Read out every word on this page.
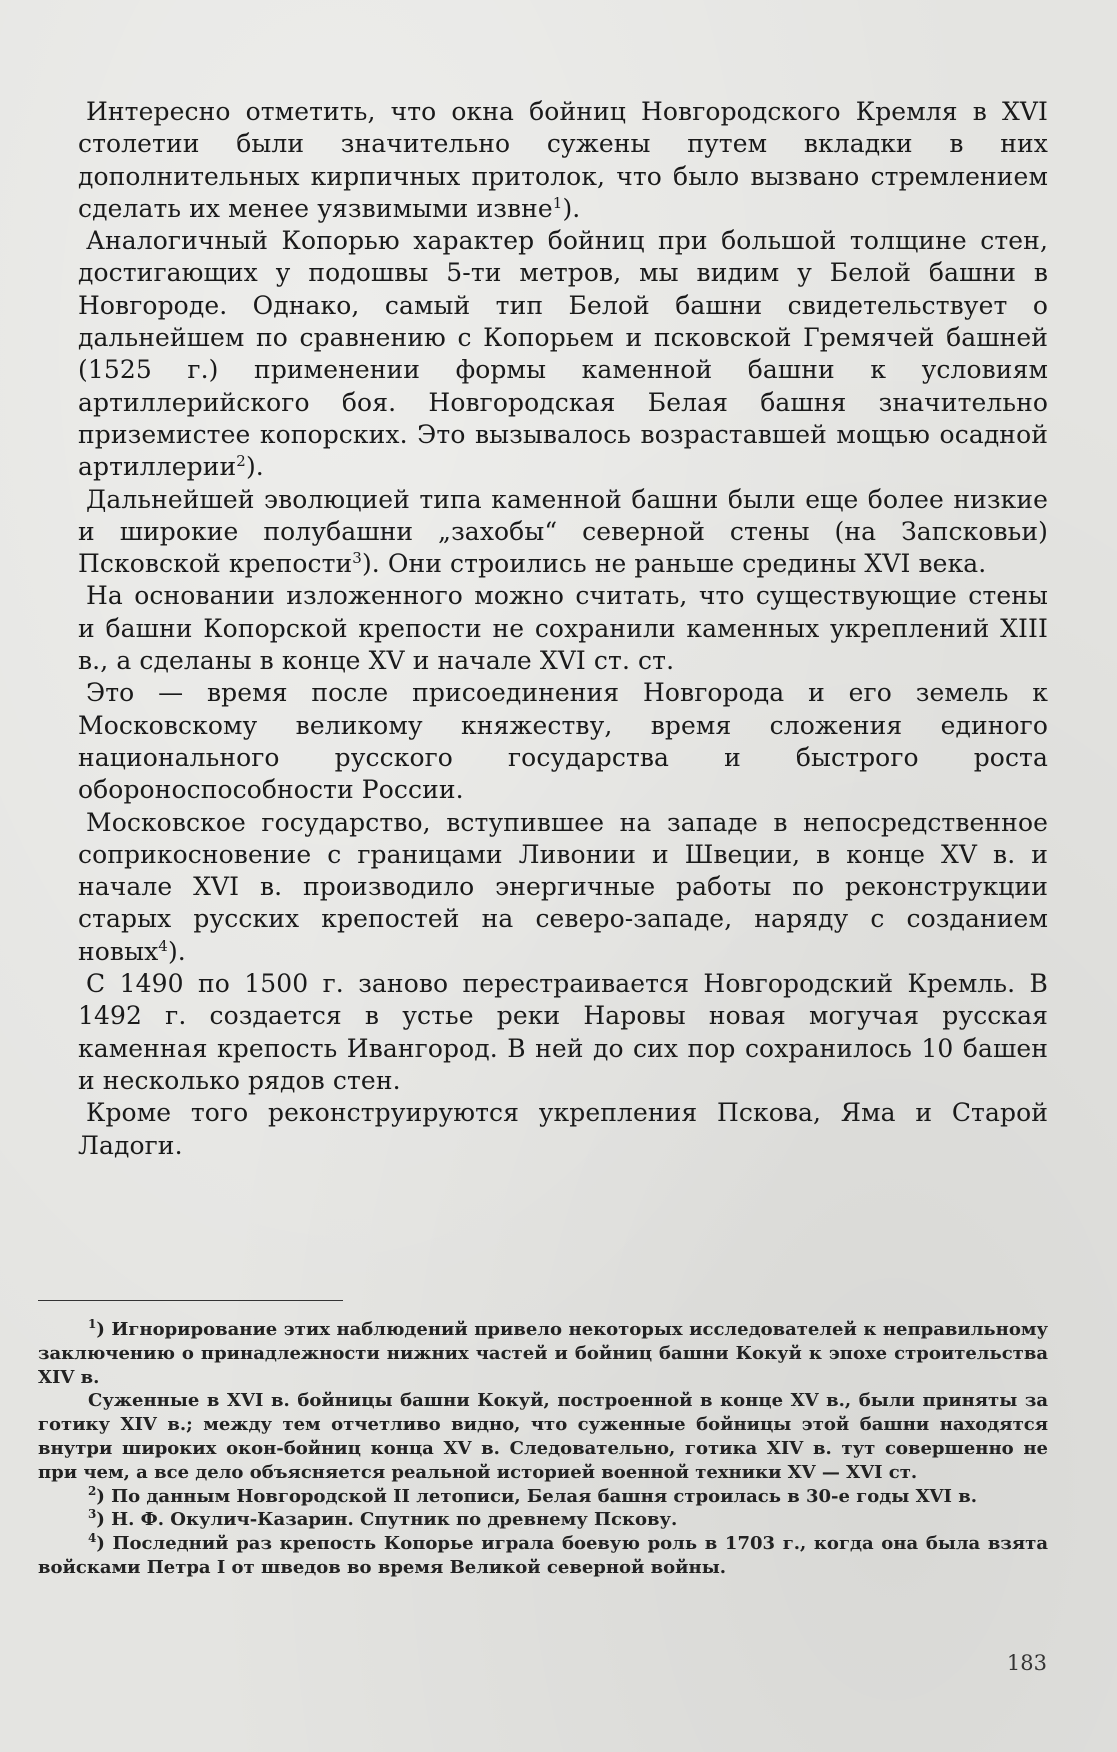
Интересно отметить, что окна бойниц Новгородского Кремля в XVI столетии были значительно сужены путем вкладки в них дополнительных кирпичных притолок, что было вызвано стремлением сделать их менее уязвимыми извне$^1$).

Аналогичный Копорью характер бойниц при большой толщине стен, достигающих у подошвы 5-ти метров, мы видим у Белой башни в Новгороде. Однако, самый тип Белой башни свидетельствует о дальнейшем по сравнению с Копорьем и псковской Гремячей башней (1525 г.) применении формы каменной башни к условиям артиллерийского боя. Новгородская Белая башня значительно приземистее копорских. Это вызывалось возраставшей мощью осадной артиллерии$^2$).

Дальнейшей эволюцией типа каменной башни были еще более низкие и широкие полубашни „захобы“ северной стены (на Запсковьи) Псковской крепости$^3$). Они строились не раньше средины XVI века.

На основании изложенного можно считать, что существующие стены и башни Копорской крепости не сохранили каменных укреплений XIII в., а сделаны в конце XV и начале XVI ст. ст.

Это — время после присоединения Новгорода и его земель к Московскому великому княжеству, время сложения единого национального русского государства и быстрого роста обороноспособности России.

Московское государство, вступившее на западе в непосредственное соприкосновение с границами Ливонии и Швеции, в конце XV в. и начале XVI в. производило энергичные работы по реконструкции старых русских крепостей на северо-западе, наряду с созданием новых$^4$).

С 1490 по 1500 г. заново перестраивается Новгородский Кремль. В 1492 г. создается в устье реки Наровы новая могучая русская каменная крепость Ивангород. В ней до сих пор сохранилось 10 башен и несколько рядов стен.

Кроме того реконструируются укрепления Пскова, Яма и Старой Ладоги.

$^1$) Игнорирование этих наблюдений привело некоторых исследователей к неправильному заключению о принадлежности нижних частей и бойниц башни Кокуй к эпохе строительства XIV в.

Суженные в XVI в. бойницы башни Кокуй, построенной в конце XV в., были приняты за готику XIV в.; между тем отчетливо видно, что суженные бойницы этой башни находятся внутри широких окон-бойниц конца XV в. Следовательно, готика XIV в. тут совершенно не при чем, а все дело объясняется реальной историей военной техники XV — XVI ст.

$^2$) По данным Новгородской II летописи, Белая башня строилась в 30-е годы XVI в.

$^3$) Н. Ф. Окулич-Казарин. Спутник по древнему Пскову.

$^4$) Последний раз крепость Копорье играла боевую роль в 1703 г., когда она была взята войсками Петра I от шведов во время Великой северной войны.

183
